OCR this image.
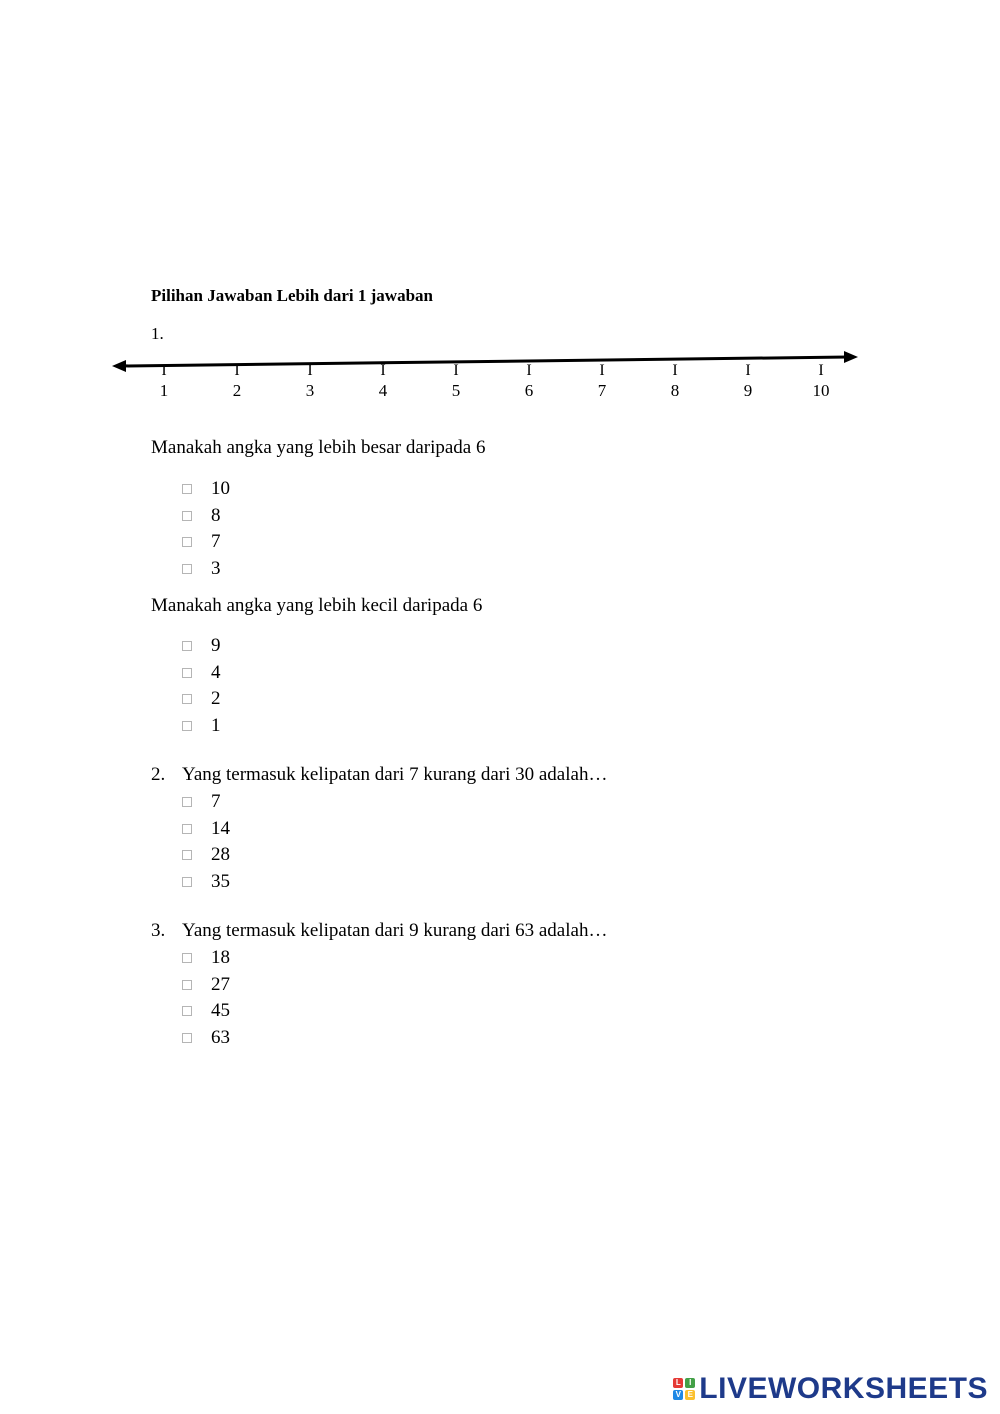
Pilihan Jawaban Lebih dari 1 jawaban
1.
I	I	I	I	I	I	I	I	I	I
1	2	3	4	5	6	7	8	9	10
Manakah angka yang lebih besar daripada 6
10
8
7
3
Manakah angka yang lebih kecil daripada 6
9
4
2
1
2. Yang termasuk kelipatan dari 7 kurang dari 30 adalah…
7
14
28
35
3. Yang termasuk kelipatan dari 9 kurang dari 63 adalah…
18
27
45
63
L	I
V E LIVEWORKSHEETS
